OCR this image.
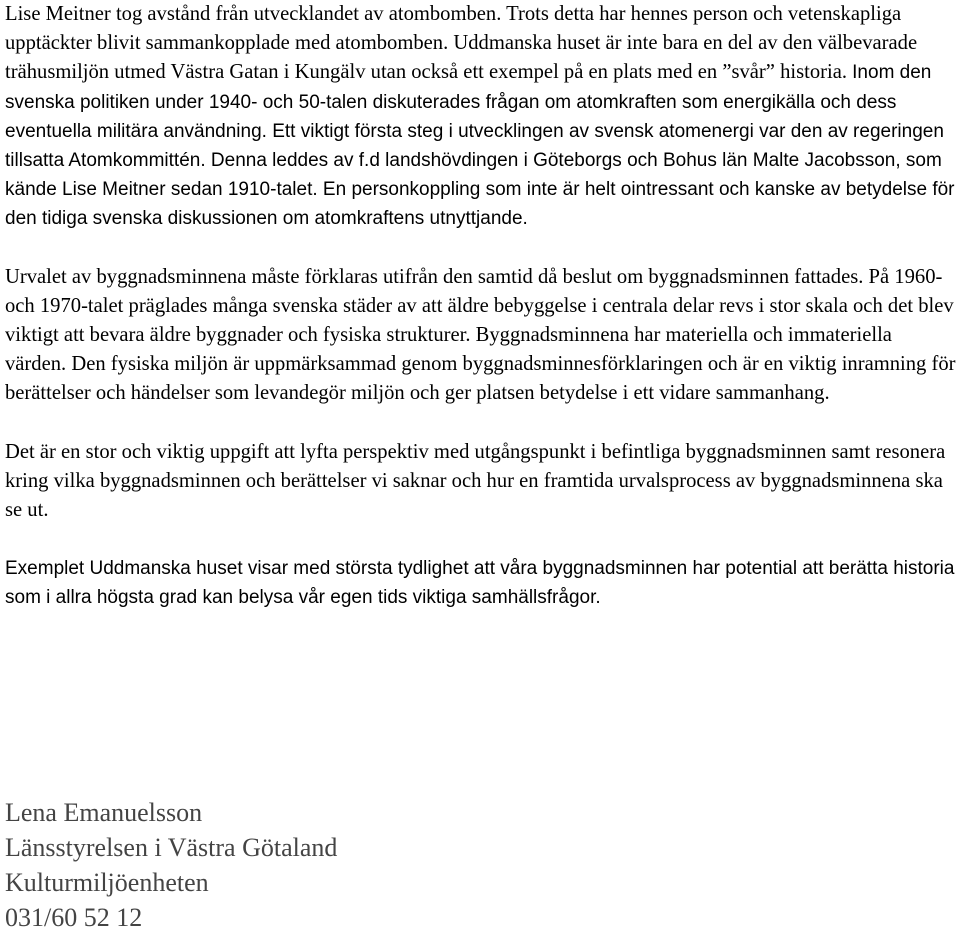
Lise Meitner tog avstånd från utvecklandet av atombomben. Trots detta har hennes person och vetenskapliga upptäckter blivit sammankopplade med atombomben. Uddmanska huset är inte bara en del av den välbevarade trähusmiljön utmed Västra Gatan i Kungälv utan också ett exempel på en plats med en ”svår” historia. Inom den svenska politiken under 1940- och 50-talen diskuterades frågan om atomkraften som energikälla och dess eventuella militära användning. Ett viktigt första steg i utvecklingen av svensk atomenergi var den av regeringen tillsatta Atomkommittén. Denna leddes av f.d landshövdingen i Göteborgs och Bohus län Malte Jacobsson, som kände Lise Meitner sedan 1910-talet. En personkoppling som inte är helt ointressant och kanske av betydelse för den tidiga svenska diskussionen om atomkraftens utnyttjande.

Urvalet av byggnadsminnena måste förklaras utifrån den samtid då beslut om byggnadsminnen fattades. På 1960- och 1970-talet präglades många svenska städer av att äldre bebyggelse i centrala delar revs i stor skala och det blev viktigt att bevara äldre byggnader och fysiska strukturer. Byggnadsminnena har materiella och immateriella värden. Den fysiska miljön är uppmärksammad genom byggnadsminnesförklaringen och är en viktig inramning för berättelser och händelser som levandegör miljön och ger platsen betydelse i ett vidare sammanhang.

Det är en stor och viktig uppgift att lyfta perspektiv med utgångspunkt i befintliga byggnadsminnen samt resonera kring vilka byggnadsminnen och berättelser vi saknar och hur en framtida urvalsprocess av byggnadsminnena ska se ut.

Exemplet Uddmanska huset visar med största tydlighet att våra byggnadsminnen har potential att berätta historia som i allra högsta grad kan belysa vår egen tids viktiga samhällsfrågor.

Lena Emanuelsson
Länsstyrelsen i Västra Götaland
Kulturmiljöenheten
031/60 52 12
